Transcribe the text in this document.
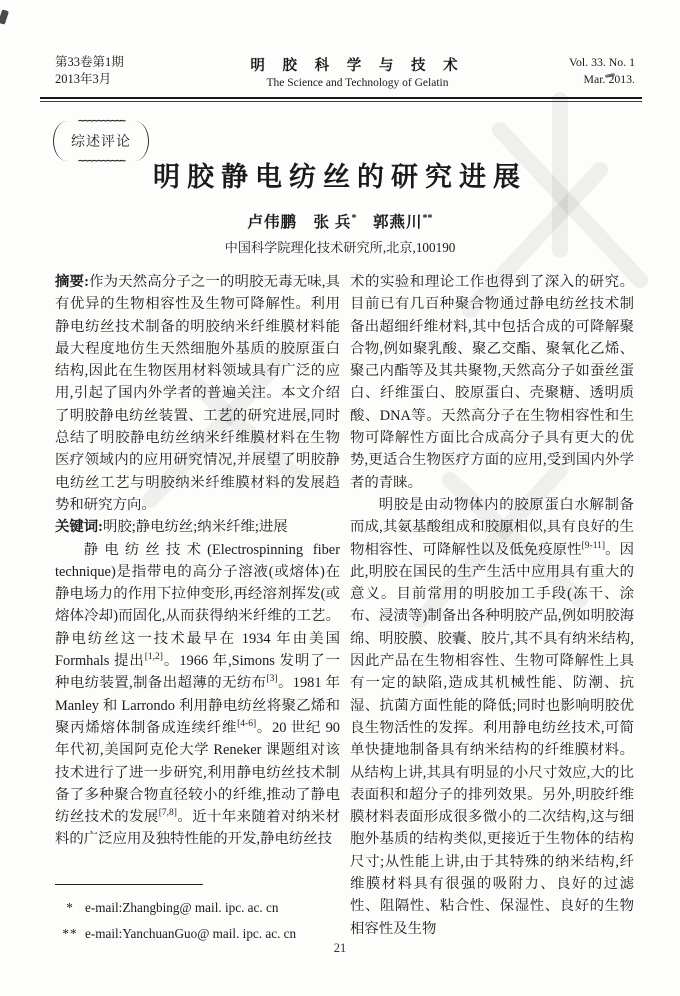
第33卷第1期
2013年3月
明 胶 科 学 与 技 术
The Science and Technology of Gelatin
Vol. 33. No. 1
Mar. 2013.
~~~~~~~~~~
综述评论
~~~~~~~~~~
明胶静电纺丝的研究进展
卢伟鹏　张 兵*　郭燕川**
中国科学院理化技术研究所,北京,100190

摘要:作为天然高分子之一的明胶无毒无味,具有优异的生物相容性及生物可降解性。利用静电纺丝技术制备的明胶纳米纤维膜材料能最大程度地仿生天然细胞外基质的胶原蛋白结构,因此在生物医用材料领域具有广泛的应用,引起了国内外学者的普遍关注。本文介绍了明胶静电纺丝装置、工艺的研究进展,同时总结了明胶静电纺丝纳米纤维膜材料在生物医疗领域内的应用研究情况,并展望了明胶静电纺丝工艺与明胶纳米纤维膜材料的发展趋势和研究方向。

关键词:明胶;静电纺丝;纳米纤维;进展

静电纺丝技术(Electrospinning fiber technique)是指带电的高分子溶液(或熔体)在静电场力的作用下拉伸变形,再经溶剂挥发(或熔体冷却)而固化,从而获得纳米纤维的工艺。静电纺丝这一技术最早在 1934 年由美国 Formhals 提出[1,2]。1966 年,Simons 发明了一种电纺装置,制备出超薄的无纺布[3]。1981 年 Manley 和 Larrondo 利用静电纺丝将聚乙烯和聚丙烯熔体制备成连续纤维[4-6]。20 世纪 90 年代初,美国阿克伦大学 Reneker 课题组对该技术进行了进一步研究,利用静电纺丝技术制备了多种聚合物直径较小的纤维,推动了静电纺丝技术的发展[7,8]。近十年来随着对纳米材料的广泛应用及独特性能的开发,静电纺丝技

术的实验和理论工作也得到了深入的研究。目前已有几百种聚合物通过静电纺丝技术制备出超细纤维材料,其中包括合成的可降解聚合物,例如聚乳酸、聚乙交酯、聚氧化乙烯、聚己内酯等及其共聚物,天然高分子如蚕丝蛋白、纤维蛋白、胶原蛋白、壳聚糖、透明质酸、DNA等。天然高分子在生物相容性和生物可降解性方面比合成高分子具有更大的优势,更适合生物医疗方面的应用,受到国内外学者的青睐。

明胶是由动物体内的胶原蛋白水解制备而成,其氨基酸组成和胶原相似,具有良好的生物相容性、可降解性以及低免疫原性[9-11]。因此,明胶在国民的生产生活中应用具有重大的意义。目前常用的明胶加工手段(冻干、涂布、浸渍等)制备出各种明胶产品,例如明胶海绵、明胶膜、胶囊、胶片,其不具有纳米结构,因此产品在生物相容性、生物可降解性上具有一定的缺陷,造成其机械性能、防潮、抗湿、抗菌方面性能的降低;同时也影响明胶优良生物活性的发挥。利用静电纺丝技术,可简单快捷地制备具有纳米结构的纤维膜材料。从结构上讲,其具有明显的小尺寸效应,大的比表面积和超分子的排列效果。另外,明胶纤维膜材料表面形成很多微小的二次结构,这与细胞外基质的结构类似,更接近于生物体的结构尺寸;从性能上讲,由于其特殊的纳米结构,纤维膜材料具有很强的吸附力、良好的过滤性、阻隔性、粘合性、保湿性、良好的生物相容性及生物

* e-mail:Zhangbing@ mail. ipc. ac. cn
** e-mail:YanchuanGuo@ mail. ipc. ac. cn
21
